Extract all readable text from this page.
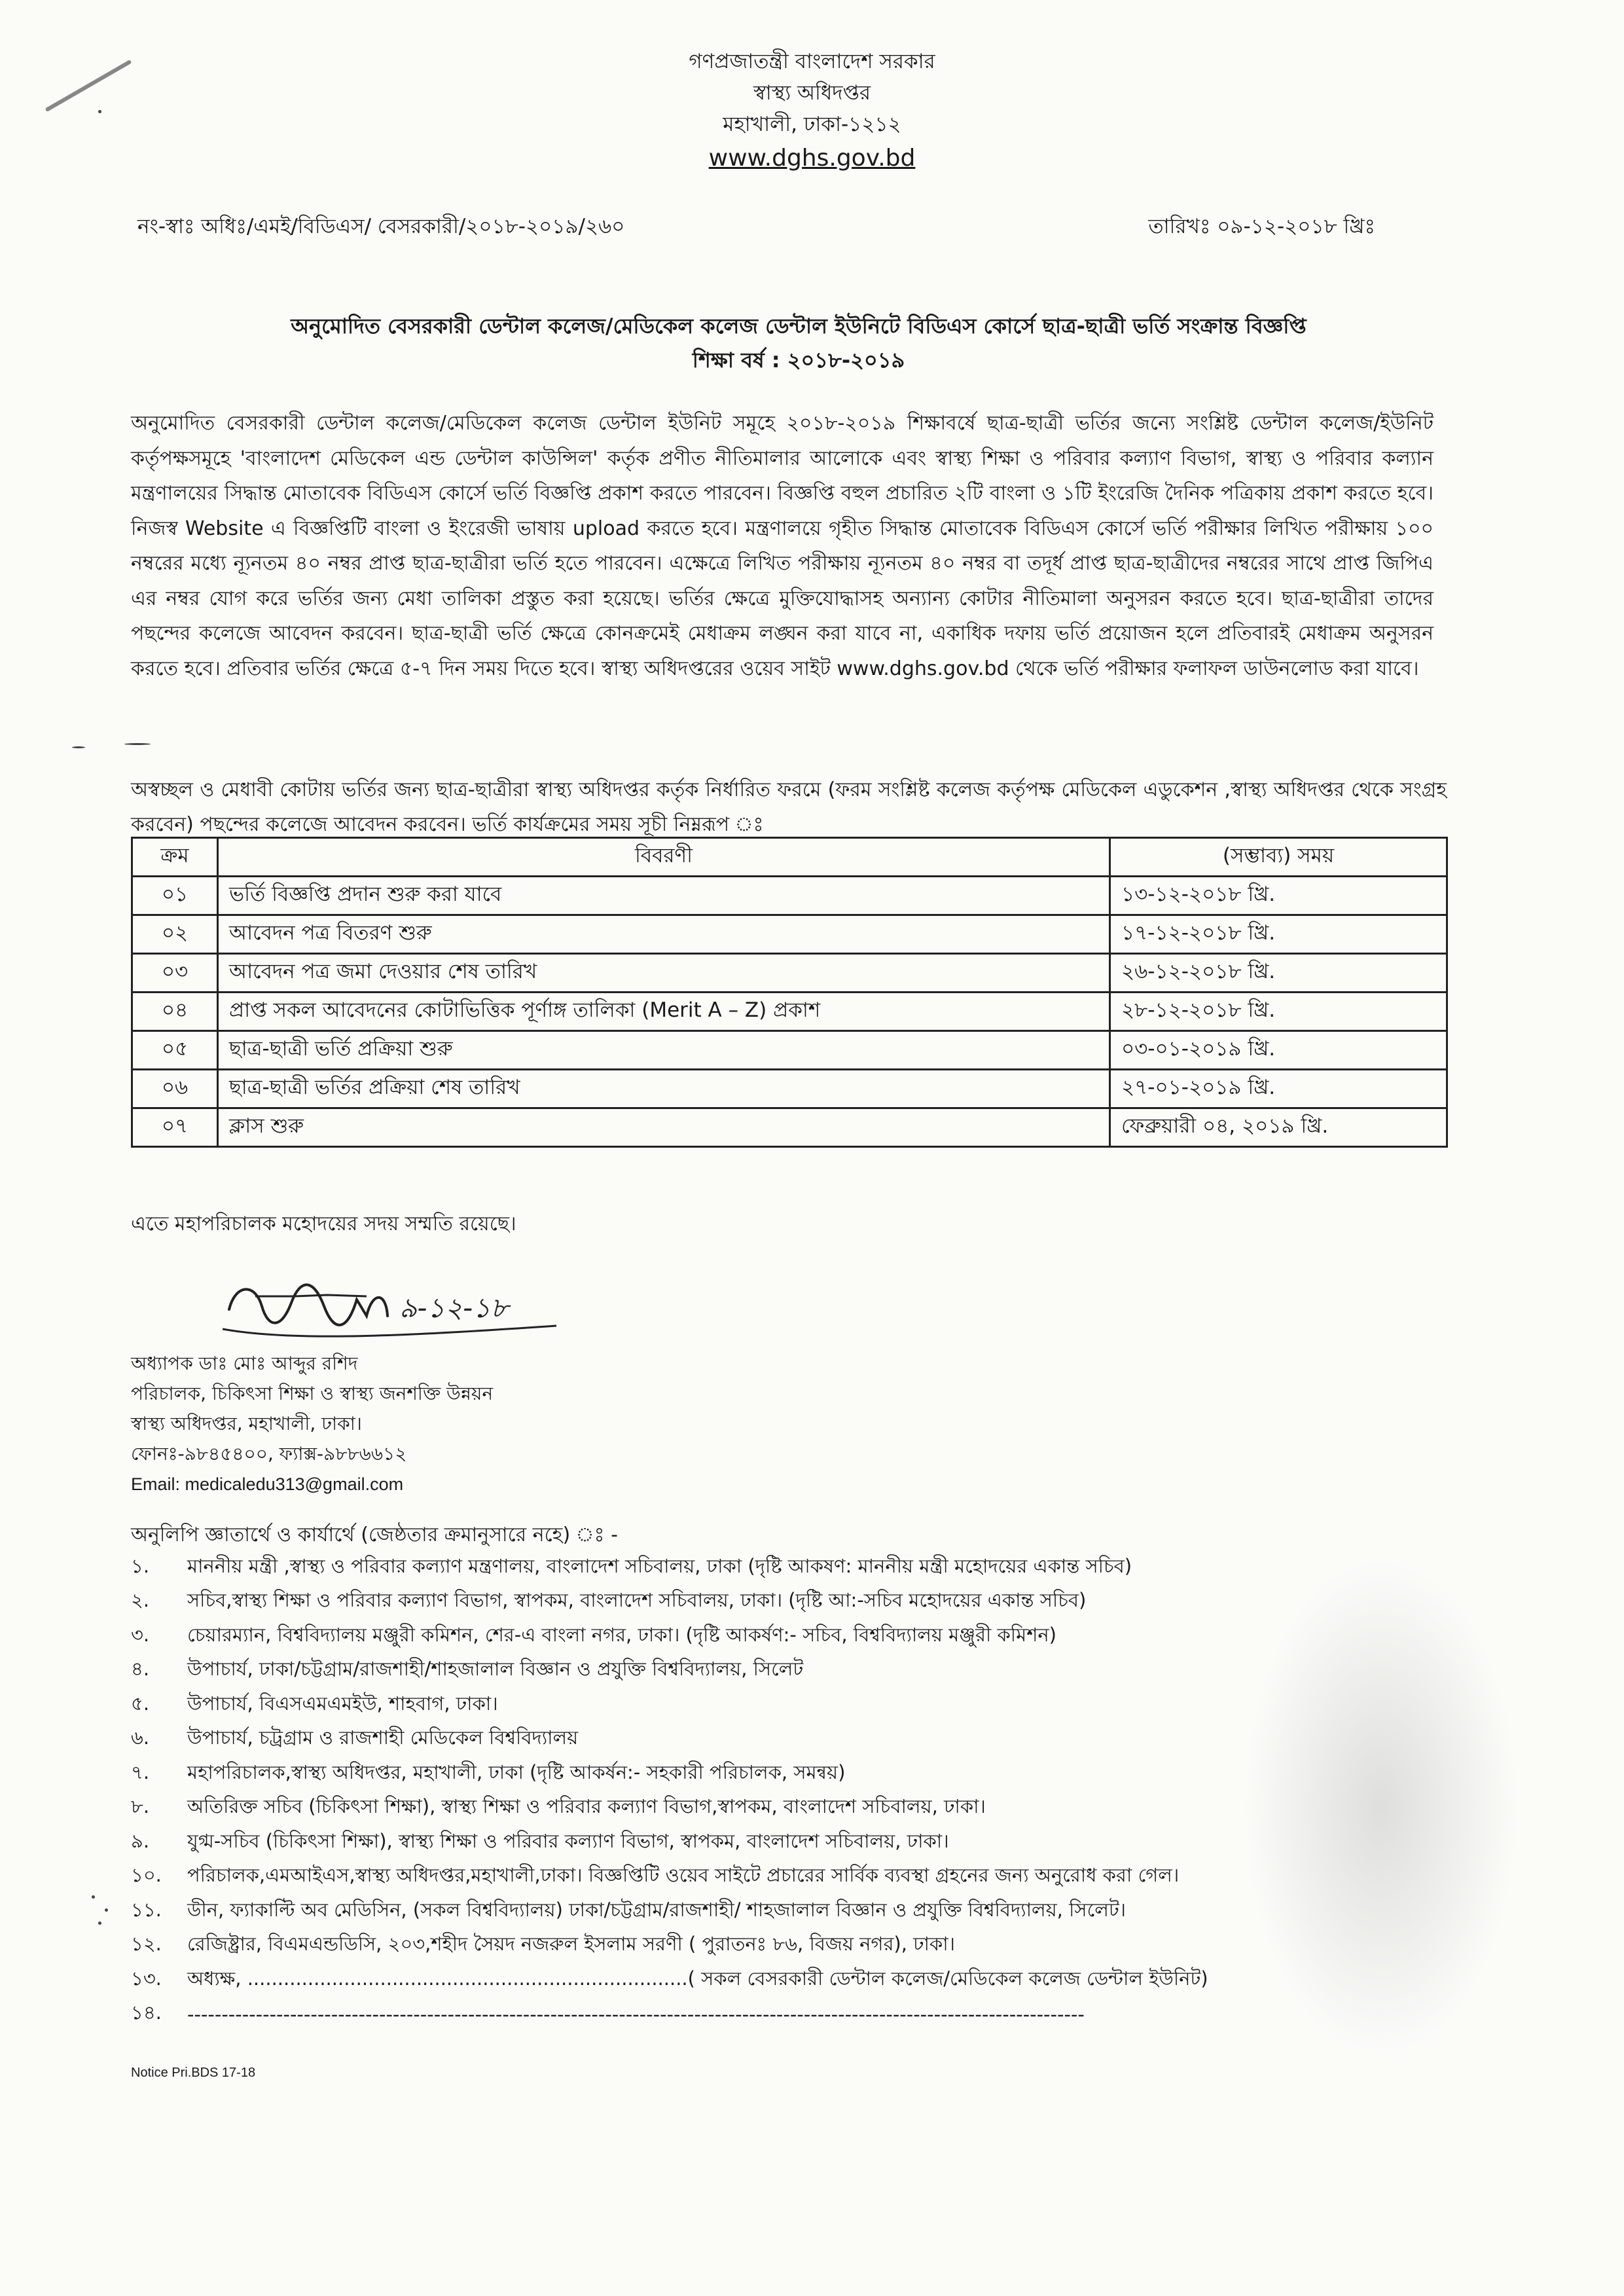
গণপ্রজাতন্ত্রী বাংলাদেশ সরকার
স্বাস্থ্য অধিদপ্তর
মহাখালী, ঢাকা-১২১২
www.dghs.gov.bd
নং-স্বাঃ অধিঃ/এমই/বিডিএস/ বেসরকারী/২০১৮-২০১৯/২৬০	তারিখঃ ০৯-১২-২০১৮ খ্রিঃ
অনুমোদিত বেসরকারী ডেন্টাল কলেজ/মেডিকেল কলেজ ডেন্টাল ইউনিটে বিডিএস কোর্সে ছাত্র-ছাত্রী ভর্তি সংক্রান্ত বিজ্ঞপ্তি
শিক্ষা বর্ষ : ২০১৮-২০১৯
অনুমোদিত বেসরকারী ডেন্টাল কলেজ/মেডিকেল কলেজ ডেন্টাল ইউনিট সমূহে ২০১৮-২০১৯ শিক্ষাবর্ষে ছাত্র-ছাত্রী ভর্তির জন্যে সংশ্লিষ্ট ডেন্টাল কলেজ/ইউনিট কর্তৃপক্ষসমূহে 'বাংলাদেশ মেডিকেল এন্ড ডেন্টাল কাউন্সিল' কর্তৃক প্রণীত নীতিমালার আলোকে এবং স্বাস্থ্য শিক্ষা ও পরিবার কল্যাণ বিভাগ, স্বাস্থ্য ও পরিবার কল্যান মন্ত্রণালয়ের সিদ্ধান্ত মোতাবেক বিডিএস কোর্সে ভর্তি বিজ্ঞপ্তি প্রকাশ করতে পারবেন। বিজ্ঞপ্তি বহুল প্রচারিত ২টি বাংলা ও ১টি ইংরেজি দৈনিক পত্রিকায় প্রকাশ করতে হবে। নিজস্ব Website এ বিজ্ঞপ্তিটি বাংলা ও ইংরেজী ভাষায় upload করতে হবে। মন্ত্রণালয়ে গৃহীত সিদ্ধান্ত মোতাবেক বিডিএস কোর্সে ভর্তি পরীক্ষার লিখিত পরীক্ষায় ১০০ নম্বরের মধ্যে ন্যূনতম ৪০ নম্বর প্রাপ্ত ছাত্র-ছাত্রীরা ভর্তি হতে পারবেন। এক্ষেত্রে লিখিত পরীক্ষায় ন্যূনতম ৪০ নম্বর বা তদূর্ধ প্রাপ্ত ছাত্র-ছাত্রীদের নম্বরের সাথে প্রাপ্ত জিপিএ এর নম্বর যোগ করে ভর্তির জন্য মেধা তালিকা প্রস্তুত করা হয়েছে। ভর্তির ক্ষেত্রে মুক্তিযোদ্ধাসহ অন্যান্য কোটার নীতিমালা অনুসরন করতে হবে। ছাত্র-ছাত্রীরা তাদের পছন্দের কলেজে আবেদন করবেন। ছাত্র-ছাত্রী ভর্তি ক্ষেত্রে কোনক্রমেই মেধাক্রম লঙ্ঘন করা যাবে না, একাধিক দফায় ভর্তি প্রয়োজন হলে প্রতিবারই মেধাক্রম অনুসরন করতে হবে। প্রতিবার ভর্তির ক্ষেত্রে ৫-৭ দিন সময় দিতে হবে। স্বাস্থ্য অধিদপ্তরের ওয়েব সাইট www.dghs.gov.bd থেকে ভর্তি পরীক্ষার ফলাফল ডাউনলোড করা যাবে।
অস্বচ্ছল ও মেধাবী কোটায় ভর্তির জন্য ছাত্র-ছাত্রীরা স্বাস্থ্য অধিদপ্তর কর্তৃক নির্ধারিত ফরমে (ফরম সংশ্লিষ্ট কলেজ কর্তৃপক্ষ মেডিকেল এডুকেশন ,স্বাস্থ্য অধিদপ্তর থেকে সংগ্রহ করবেন) পছন্দের কলেজে আবেদন করবেন। ভর্তি কার্যক্রমের সময় সূচী নিম্নরূপ ঃ
ক্রম	বিবরণী	(সম্ভাব্য) সময়
০১	ভর্তি বিজ্ঞপ্তি প্রদান শুরু করা যাবে	১৩-১২-২০১৮ খ্রি.
০২	আবেদন পত্র বিতরণ শুরু	১৭-১২-২০১৮ খ্রি.
০৩	আবেদন পত্র জমা দেওয়ার শেষ তারিখ	২৬-১২-২০১৮ খ্রি.
০৪	প্রাপ্ত সকল আবেদনের কোটাভিত্তিক পূর্ণাঙ্গ তালিকা (Merit A – Z) প্রকাশ	২৮-১২-২০১৮ খ্রি.
০৫	ছাত্র-ছাত্রী ভর্তি প্রক্রিয়া শুরু	০৩-০১-২০১৯ খ্রি.
০৬	ছাত্র-ছাত্রী ভর্তির প্রক্রিয়া শেষ তারিখ	২৭-০১-২০১৯ খ্রি.
০৭	ক্লাস শুরু	ফেব্রুয়ারী ০৪, ২০১৯ খ্রি.
এতে মহাপরিচালক মহোদয়ের সদয় সম্মতি রয়েছে।
৯-১২-১৮
অধ্যাপক ডাঃ মোঃ আব্দুর রশিদ
পরিচালক, চিকিৎসা শিক্ষা ও স্বাস্থ্য জনশক্তি উন্নয়ন
স্বাস্থ্য অধিদপ্তর, মহাখালী, ঢাকা।
ফোনঃ-৯৮৪৫৪০০, ফ্যাক্স-৯৮৮৬৬১২
Email: medicaledu313@gmail.com
অনুলিপি জ্ঞাতার্থে ও কার্যার্থে (জেষ্ঠতার ক্রমানুসারে নহে) ঃ -
১.	মাননীয় মন্ত্রী ,স্বাস্থ্য ও পরিবার কল্যাণ মন্ত্রণালয়, বাংলাদেশ সচিবালয়, ঢাকা (দৃষ্টি আকষণ: মাননীয় মন্ত্রী মহোদয়ের একান্ত সচিব)
২.	সচিব,স্বাস্থ্য শিক্ষা ও পরিবার কল্যাণ বিভাগ, স্বাপকম, বাংলাদেশ সচিবালয়, ঢাকা। (দৃষ্টি আ:-সচিব মহোদয়ের একান্ত সচিব)
৩.	চেয়ারম্যান, বিশ্ববিদ্যালয় মঞ্জুরী কমিশন, শের-এ বাংলা নগর, ঢাকা। (দৃষ্টি আকর্ষণ:- সচিব, বিশ্ববিদ্যালয় মঞ্জুরী কমিশন)
৪.	উপাচার্য, ঢাকা/চট্টগ্রাম/রাজশাহী/শাহজালাল বিজ্ঞান ও প্রযুক্তি বিশ্ববিদ্যালয়, সিলেট
৫.	উপাচার্য, বিএসএমএমইউ, শাহবাগ, ঢাকা।
৬.	উপাচার্য, চট্রগ্রাম ও রাজশাহী মেডিকেল বিশ্ববিদ্যালয়
৭.	মহাপরিচালক,স্বাস্থ্য অধিদপ্তর, মহাখালী, ঢাকা (দৃষ্টি আকর্ষন:- সহকারী পরিচালক, সমন্বয়)
৮.	অতিরিক্ত সচিব (চিকিৎসা শিক্ষা), স্বাস্থ্য শিক্ষা ও পরিবার কল্যাণ বিভাগ,স্বাপকম, বাংলাদেশ সচিবালয়, ঢাকা।
৯.	যুগ্ম-সচিব (চিকিৎসা শিক্ষা), স্বাস্থ্য শিক্ষা ও পরিবার কল্যাণ বিভাগ, স্বাপকম, বাংলাদেশ সচিবালয়, ঢাকা।
১০.	পরিচালক,এমআইএস,স্বাস্থ্য অধিদপ্তর,মহাখালী,ঢাকা। বিজ্ঞপ্তিটি ওয়েব সাইটে প্রচারের সার্বিক ব্যবস্থা গ্রহনের জন্য অনুরোধ করা গেল।
১১.	ডীন, ফ্যাকাল্টি অব মেডিসিন, (সকল বিশ্ববিদ্যালয়) ঢাকা/চট্টগ্রাম/রাজশাহী/ শাহজালাল বিজ্ঞান ও প্রযুক্তি বিশ্ববিদ্যালয়, সিলেট।
১২.	রেজিষ্ট্রার, বিএমএন্ডডিসি, ২০৩,শহীদ সৈয়দ নজরুল ইসলাম সরণী ( পুরাতনঃ ৮৬, বিজয় নগর), ঢাকা।
১৩.	অধ্যক্ষ, .........................................................................( সকল বেসরকারী ডেন্টাল কলেজ/মেডিকেল কলেজ ডেন্টাল ইউনিট)
১৪.	-----------------------------------------------------------------------------------------------------------------------------------
Notice Pri.BDS 17-18
